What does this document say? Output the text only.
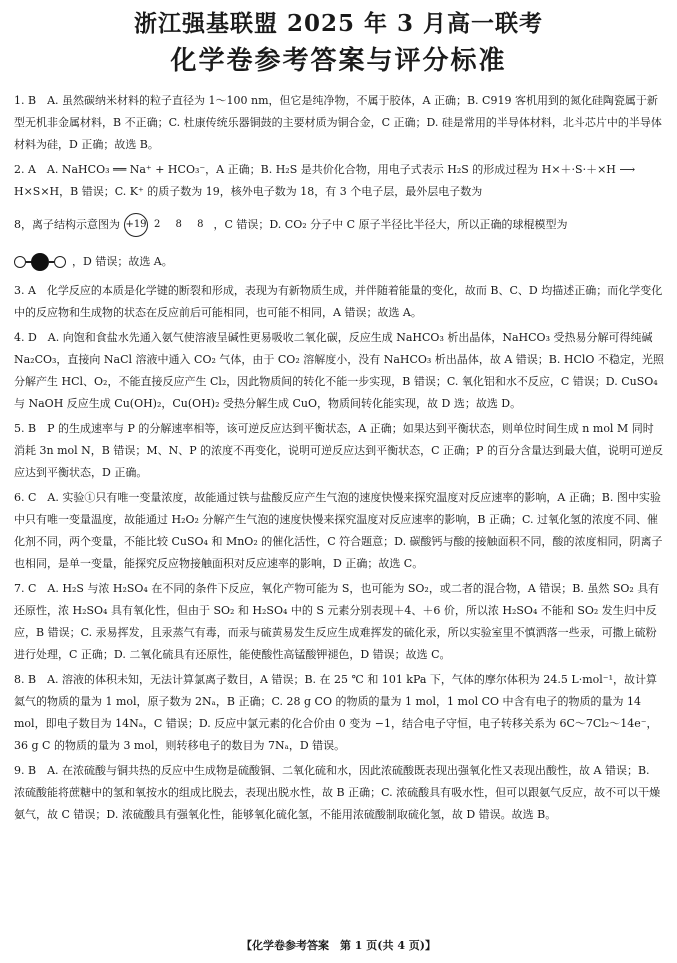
浙江强基联盟 2025 年 3 月高一联考
化学卷参考答案与评分标准

1. B　A. 虽然碳纳米材料的粒子直径为 1～100 nm，但它是纯净物，不属于胶体，A 正确；B. C919 客机用到的氮化硅陶瓷属于新型无机非金属材料，B 不正确；C. 杜康传统乐器铜鼓的主要材质为铜合金，C 正确；D. 硅是常用的半导体材料，北斗芯片中的半导体材料为硅，D 正确；故选 B。

2. A　A. NaHCO₃ ══ Na⁺ + HCO₃⁻，A 正确；B. H₂S 是共价化合物，用电子式表示 H₂S 的形成过程为 H×＋·S·＋×H ⟶ H×S×H，B 错误；C. K⁺ 的质子数为 19，核外电子数为 18，有 3 个电子层，最外层电子数为

8，离子结构示意图为 +19 2 8 8 ，C 错误；D. CO₂ 分子中 C 原子半径比半径大，所以正确的球棍模型为
，D 错误；故选 A。

3. A　化学反应的本质是化学键的断裂和形成，表现为有新物质生成，并伴随着能量的变化，故而 B、C、D 均描述正确；而化学变化中的反应物和生成物的状态在反应前后可能相同，也可能不相同，A 错误；故选 A。

4. D　A. 向饱和食盐水先通入氨气使溶液呈碱性更易吸收二氧化碳，反应生成 NaHCO₃ 析出晶体，NaHCO₃ 受热易分解可得纯碱 Na₂CO₃，直接向 NaCl 溶液中通入 CO₂ 气体，由于 CO₂ 溶解度小，没有 NaHCO₃ 析出晶体，故 A 错误；B. HClO 不稳定，光照分解产生 HCl、O₂，不能直接反应产生 Cl₂，因此物质间的转化不能一步实现，B 错误；C. 氧化铝和水不反应，C 错误；D. CuSO₄ 与 NaOH 反应生成 Cu(OH)₂，Cu(OH)₂ 受热分解生成 CuO，物质间转化能实现，故 D 选；故选 D。

5. B　P 的生成速率与 P 的分解速率相等，该可逆反应达到平衡状态，A 正确；如果达到平衡状态，则单位时间生成 n mol M 同时消耗 3n mol N，B 错误；M、N、P 的浓度不再变化，说明可逆反应达到平衡状态，C 正确；P 的百分含量达到最大值，说明可逆反应达到平衡状态，D 正确。

6. C　A. 实验①只有唯一变量浓度，故能通过铁与盐酸反应产生气泡的速度快慢来探究温度对反应速率的影响，A 正确；B. 图中实验中只有唯一变量温度，故能通过 H₂O₂ 分解产生气泡的速度快慢来探究温度对反应速率的影响，B 正确；C. 过氧化氢的浓度不同、催化剂不同，两个变量，不能比较 CuSO₄ 和 MnO₂ 的催化活性，C 符合题意；D. 碳酸钙与酸的接触面积不同，酸的浓度相同，阴离子也相同，是单一变量，能探究反应物接触面积对反应速率的影响，D 正确；故选 C。

7. C　A. H₂S 与浓 H₂SO₄ 在不同的条件下反应，氧化产物可能为 S，也可能为 SO₂，或二者的混合物，A 错误；B. 虽然 SO₂ 具有还原性，浓 H₂SO₄ 具有氧化性，但由于 SO₂ 和 H₂SO₄ 中的 S 元素分别表现＋4、＋6 价，所以浓 H₂SO₄ 不能和 SO₂ 发生归中反应，B 错误；C. 汞易挥发，且汞蒸气有毒，而汞与硫黄易发生反应生成难挥发的硫化汞，所以实验室里不慎洒落一些汞，可撒上硫粉进行处理，C 正确；D. 二氧化硫具有还原性，能使酸性高锰酸钾褪色，D 错误；故选 C。

8. B　A. 溶液的体积未知，无法计算氯离子数目，A 错误；B. 在 25 ℃ 和 101 kPa 下，气体的摩尔体积为 24.5 L·mol⁻¹，故计算氦气的物质的量为 1 mol，原子数为 2Nₐ，B 正确；C. 28 g CO 的物质的量为 1 mol，1 mol CO 中含有电子的物质的量为 14 mol，即电子数目为 14Nₐ，C 错误；D. 反应中氯元素的化合价由 0 变为 −1，结合电子守恒，电子转移关系为 6C～7Cl₂～14e⁻，36 g C 的物质的量为 3 mol，则转移电子的数目为 7Nₐ，D 错误。

9. B　A. 在浓硫酸与铜共热的反应中生成物是硫酸铜、二氧化硫和水，因此浓硫酸既表现出强氧化性又表现出酸性，故 A 错误；B. 浓硫酸能将蔗糖中的氢和氧按水的组成比脱去，表现出脱水性，故 B 正确；C. 浓硫酸具有吸水性，但可以跟氨气反应，故不可以干燥氨气，故 C 错误；D. 浓硫酸具有强氧化性，能够氧化硫化氢，不能用浓硫酸制取硫化氢，故 D 错误。故选 B。

【化学卷参考答案　第 1 页(共 4 页)】
